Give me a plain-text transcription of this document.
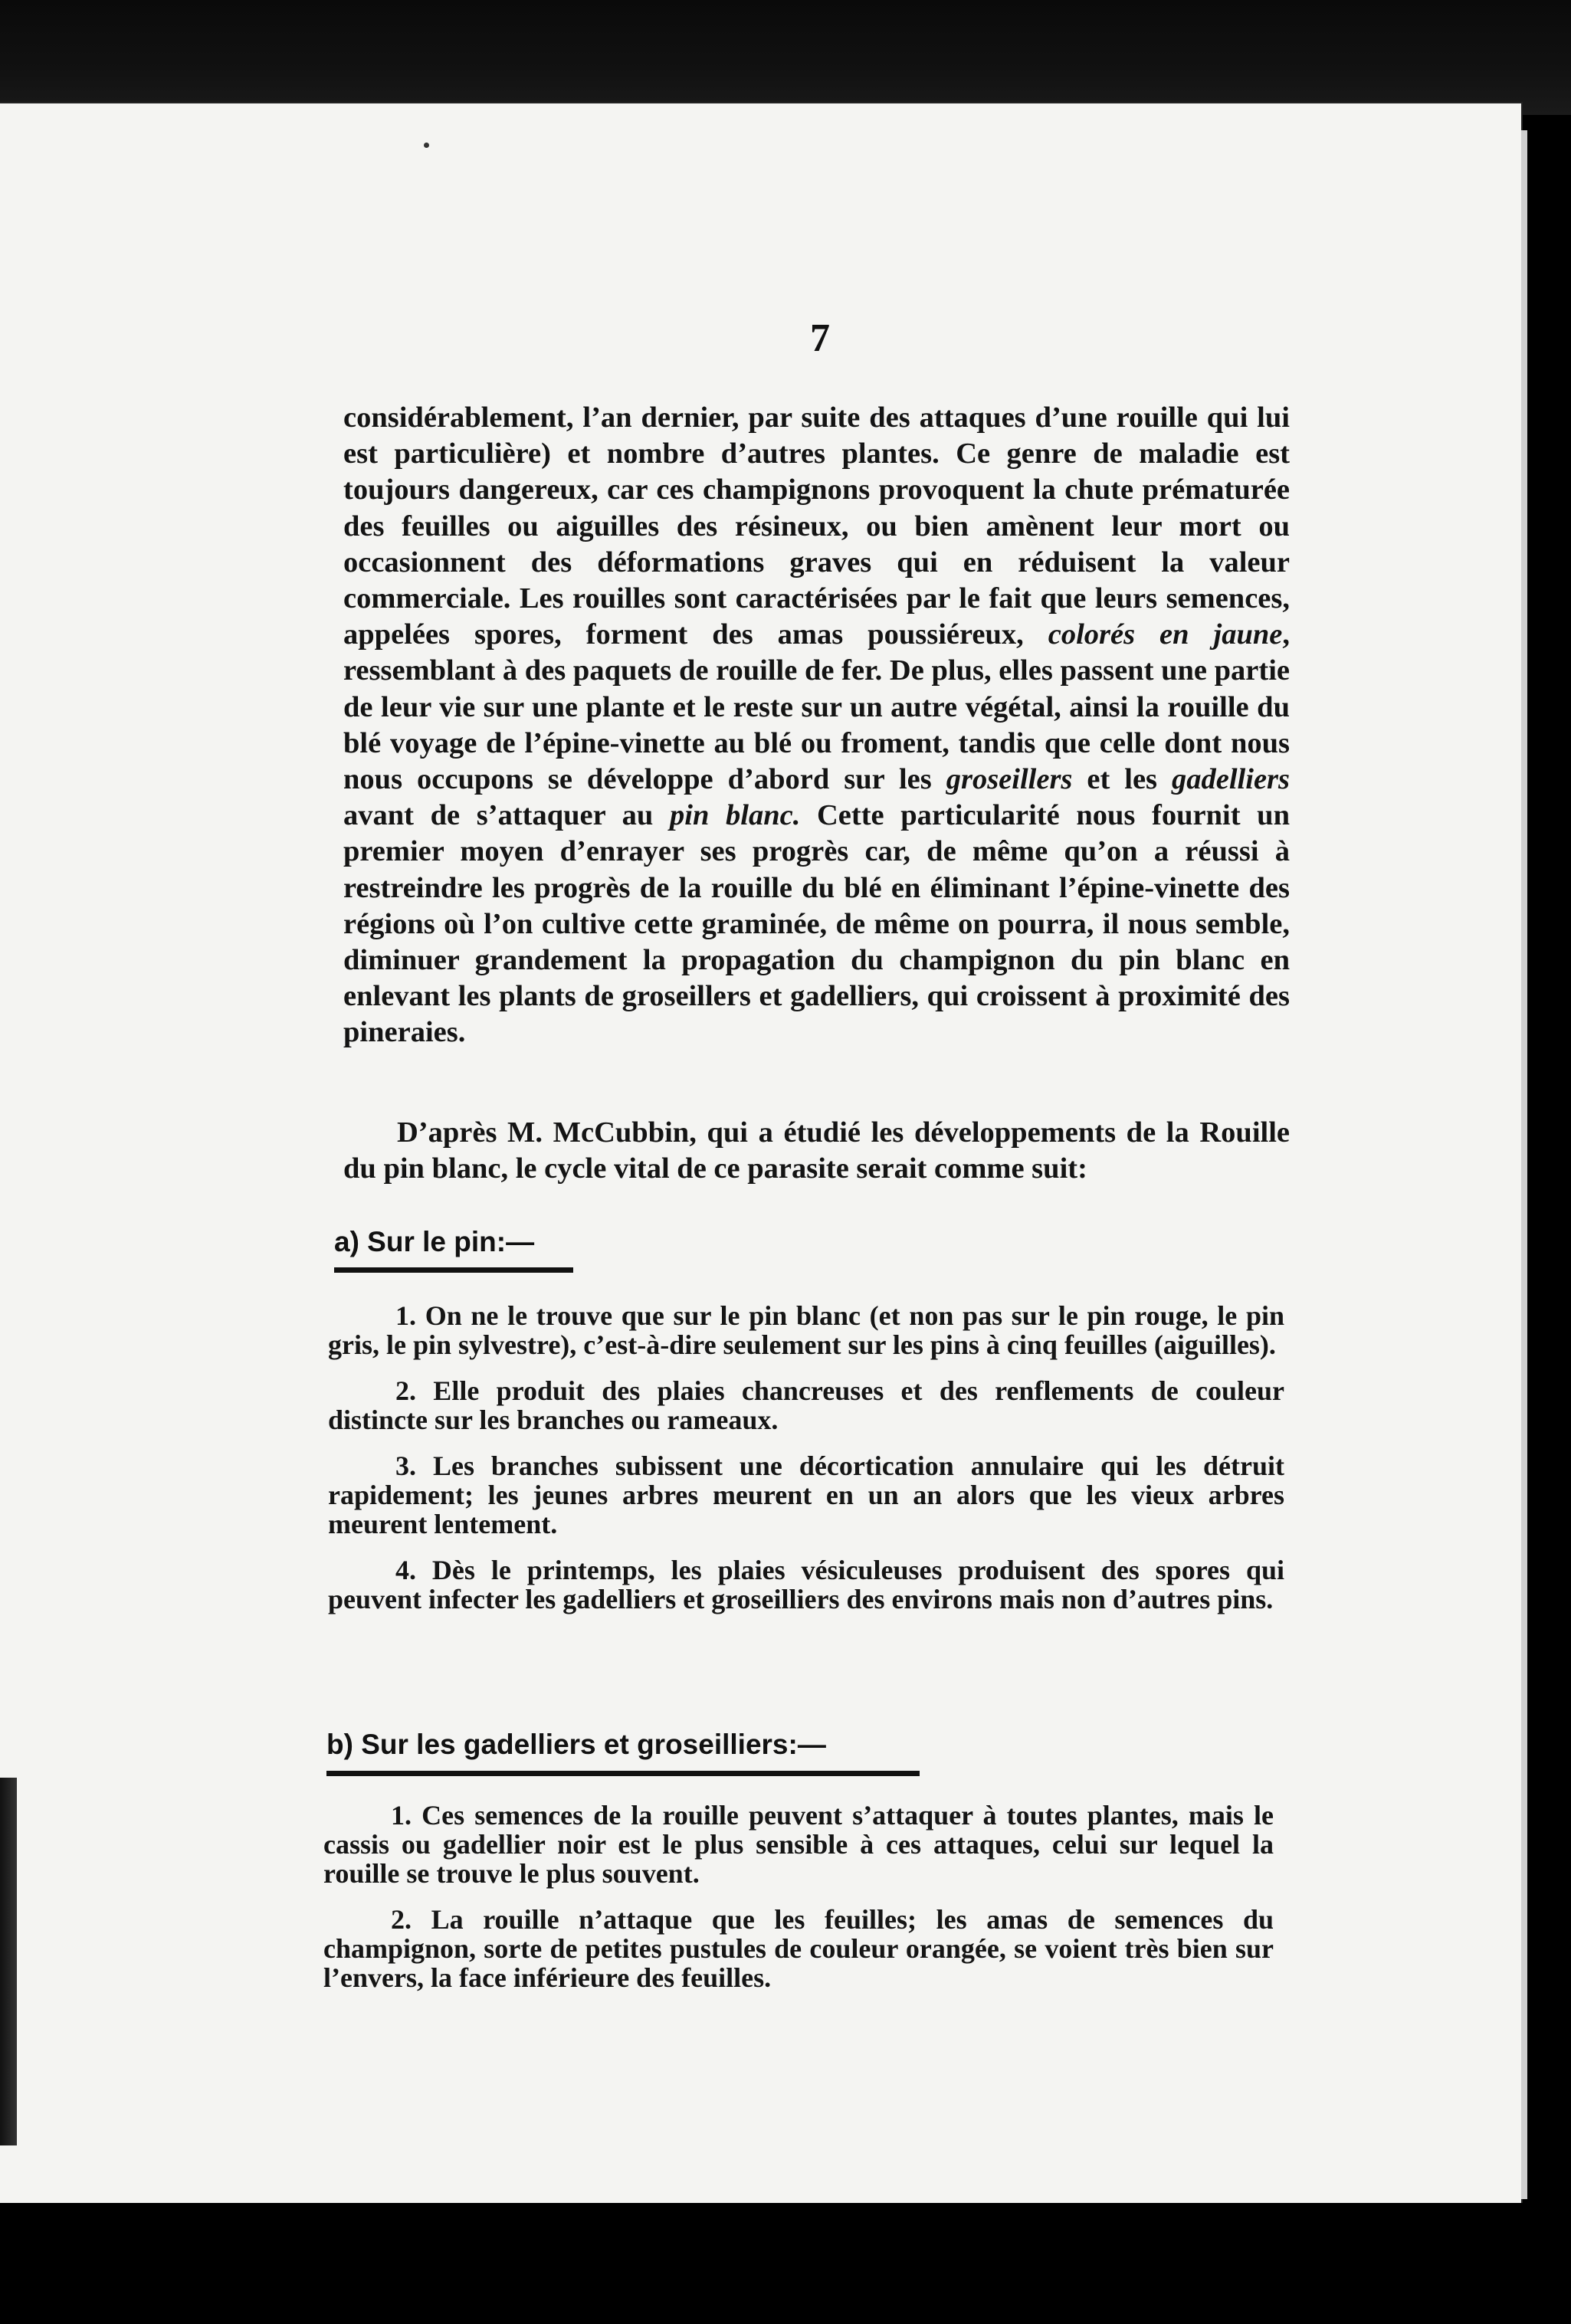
7

considérablement, l’an dernier, par suite des attaques d’une rouille qui lui est particulière) et nombre d’autres plantes. Ce genre de maladie est toujours dangereux, car ces champignons provoquent la chute prématurée des feuilles ou aiguilles des résineux, ou bien amènent leur mort ou occasionnent des déformations graves qui en réduisent la valeur commerciale. Les rouilles sont caractérisées par le fait que leurs semences, appelées spores, forment des amas poussiéreux, colorés en jaune, ressemblant à des paquets de rouille de fer. De plus, elles passent une partie de leur vie sur une plante et le reste sur un autre végétal, ainsi la rouille du blé voyage de l’épine-vinette au blé ou froment, tandis que celle dont nous nous occupons se développe d’abord sur les groseillers et les gadelliers avant de s’attaquer au pin blanc. Cette particularité nous fournit un premier moyen d’enrayer ses progrès car, de même qu’on a réussi à restreindre les progrès de la rouille du blé en éliminant l’épine-vinette des régions où l’on cultive cette graminée, de même on pourra, il nous semble, diminuer grandement la propagation du champignon du pin blanc en enlevant les plants de groseillers et gadelliers, qui croissent à proximité des pineraies.

D’après M. McCubbin, qui a étudié les développements de la Rouille du pin blanc, le cycle vital de ce parasite serait comme suit:
a) Sur le pin:—

1. On ne le trouve que sur le pin blanc (et non pas sur le pin rouge, le pin gris, le pin sylvestre), c’est-à-dire seulement sur les pins à cinq feuilles (aiguilles).

2. Elle produit des plaies chancreuses et des renflements de couleur distincte sur les branches ou rameaux.

3. Les branches subissent une décortication annulaire qui les détruit rapidement; les jeunes arbres meurent en un an alors que les vieux arbres meurent lentement.

4. Dès le printemps, les plaies vésiculeuses produisent des spores qui peuvent infecter les gadelliers et groseilliers des environs mais non d’autres pins.

b) Sur les gadelliers et groseilliers:—

1. Ces semences de la rouille peuvent s’attaquer à toutes plantes, mais le cassis ou gadellier noir est le plus sensible à ces attaques, celui sur lequel la rouille se trouve le plus souvent.

2. La rouille n’attaque que les feuilles; les amas de semences du champignon, sorte de petites pustules de couleur orangée, se voient très bien sur l’envers, la face inférieure des feuilles.
